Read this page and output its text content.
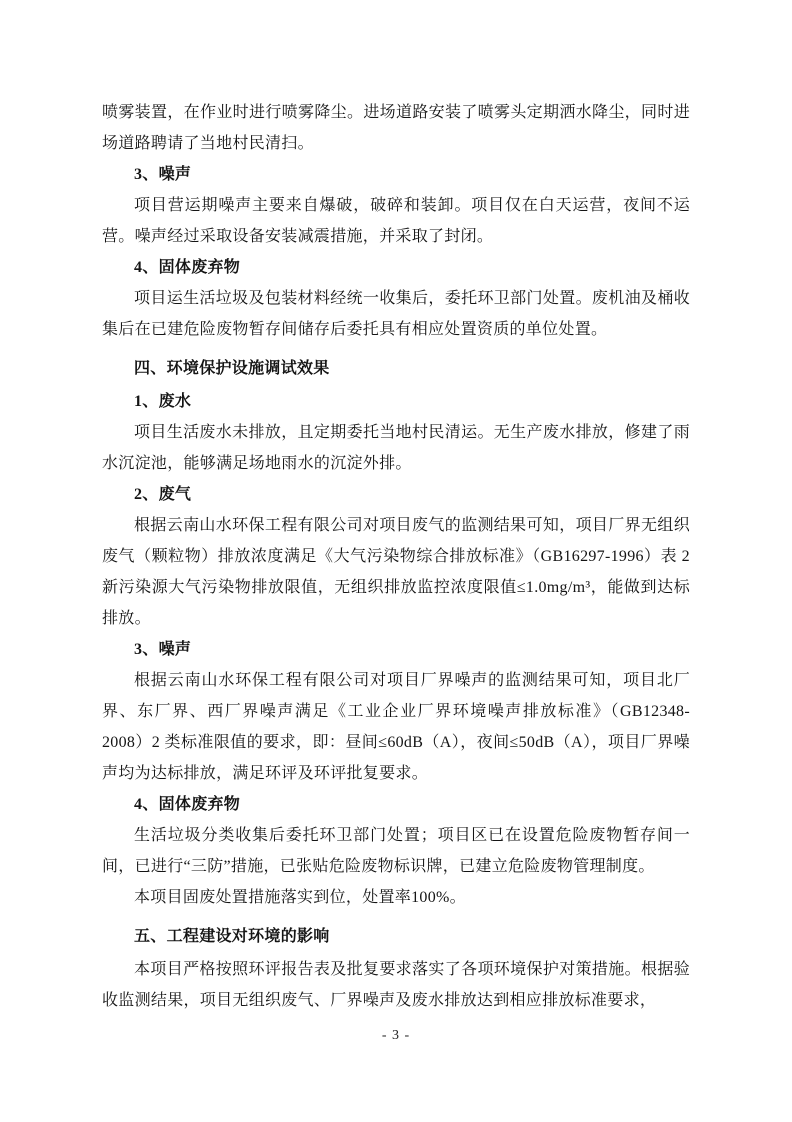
喷雾装置，在作业时进行喷雾降尘。进场道路安装了喷雾头定期洒水降尘，同时进场道路聘请了当地村民清扫。

3、噪声

项目营运期噪声主要来自爆破，破碎和装卸。项目仅在白天运营，夜间不运营。噪声经过采取设备安装减震措施，并采取了封闭。

4、固体废弃物

项目运生活垃圾及包装材料经统一收集后，委托环卫部门处置。废机油及桶收集后在已建危险废物暂存间储存后委托具有相应处置资质的单位处置。

四、环境保护设施调试效果
1、废水

项目生活废水未排放，且定期委托当地村民清运。无生产废水排放，修建了雨水沉淀池，能够满足场地雨水的沉淀外排。

2、废气

根据云南山水环保工程有限公司对项目废气的监测结果可知，项目厂界无组织废气（颗粒物）排放浓度满足《大气污染物综合排放标准》（GB16297-1996）表 2 新污染源大气污染物排放限值，无组织排放监控浓度限值≤1.0mg/m³，能做到达标排放。

3、噪声

根据云南山水环保工程有限公司对项目厂界噪声的监测结果可知，项目北厂界、东厂界、西厂界噪声满足《工业企业厂界环境噪声排放标准》（GB12348-2008）2 类标准限值的要求，即：昼间≤60dB（A），夜间≤50dB（A），项目厂界噪声均为达标排放，满足环评及环评批复要求。

4、固体废弃物

生活垃圾分类收集后委托环卫部门处置；项目区已在设置危险废物暂存间一间，已进行“三防”措施，已张贴危险废物标识牌，已建立危险废物管理制度。

本项目固废处置措施落实到位，处置率100%。

五、工程建设对环境的影响

本项目严格按照环评报告表及批复要求落实了各项环境保护对策措施。根据验收监测结果，项目无组织废气、厂界噪声及废水排放达到相应排放标准要求，

- 3 -
